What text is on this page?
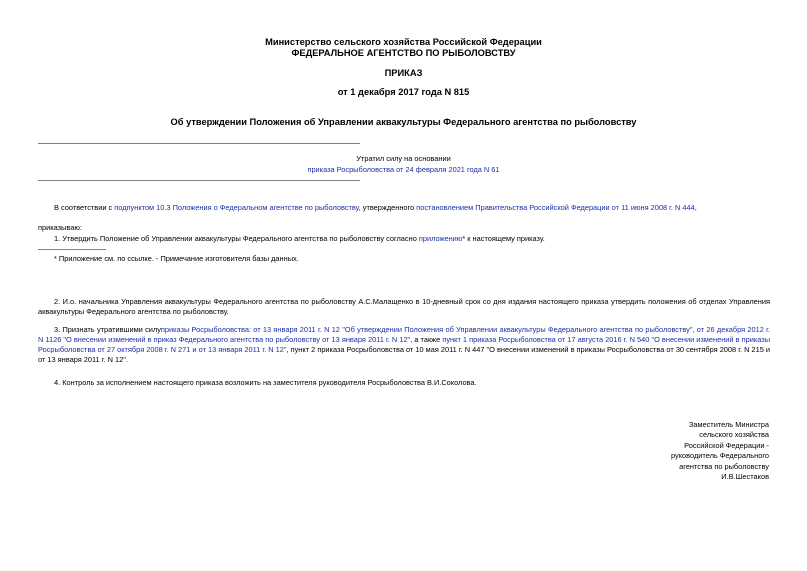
Министерство сельского хозяйства Российской Федерации
ФЕДЕРАЛЬНОЕ АГЕНТСТВО ПО РЫБОЛОВСТВУ
ПРИКАЗ
от 1 декабря 2017 года N 815
Об утверждении Положения об Управлении аквакультуры Федерального агентства по рыболовству
Утратил силу на основании
приказа Росрыболовства от 24 февраля 2021 года N 61
В соответствии с подпунктом 10.3 Положения о Федеральном агентстве по рыболовству, утвержденного постановлением Правительства Российской Федерации от 11 июня 2008 г. N 444,
приказываю:
1. Утвердить Положение об Управлении аквакультуры Федерального агентства по рыболовству согласно приложению* к настоящему приказу.
* Приложение см. по ссылке. - Примечание изготовителя базы данных.
2. И.о. начальника Управления аквакультуры Федерального агентства по рыболовству А.С.Малащенко в 10-дневный срок со дня издания настоящего приказа утвердить положения об отделах Управления аквакультуры Федерального агентства по рыболовству.
3. Признать утратившими силуприказы Росрыболовства: от 13 января 2011 г. N 12 "Об утверждении Положения об Управлении аквакультуры Федерального агентства по рыболовству", от 26 декабря 2012 г. N 1126 "О внесении изменений в приказ Федерального агентства по рыболовству от 13 января 2011 г. N 12", а также пункт 1 приказа Росрыболовства от 17 августа 2016 г. N 540 "О внесении изменений в приказы Росрыболовства от 27 октября 2008 г. N 271 и от 13 января 2011 г. N 12", пункт 2 приказа Росрыболовства от 10 мая 2011 г. N 447 "О внесении изменений в приказы Росрыболовства от 30 сентября 2008 г. N 215 и от 13 января 2011 г. N 12".
4. Контроль за исполнением настоящего приказа возложить на заместителя руководителя Росрыболовства В.И.Соколова.
Заместитель Министра
сельского хозяйства
Российской Федерации -
руководитель Федерального
агентства по рыболовству
И.В.Шестаков
